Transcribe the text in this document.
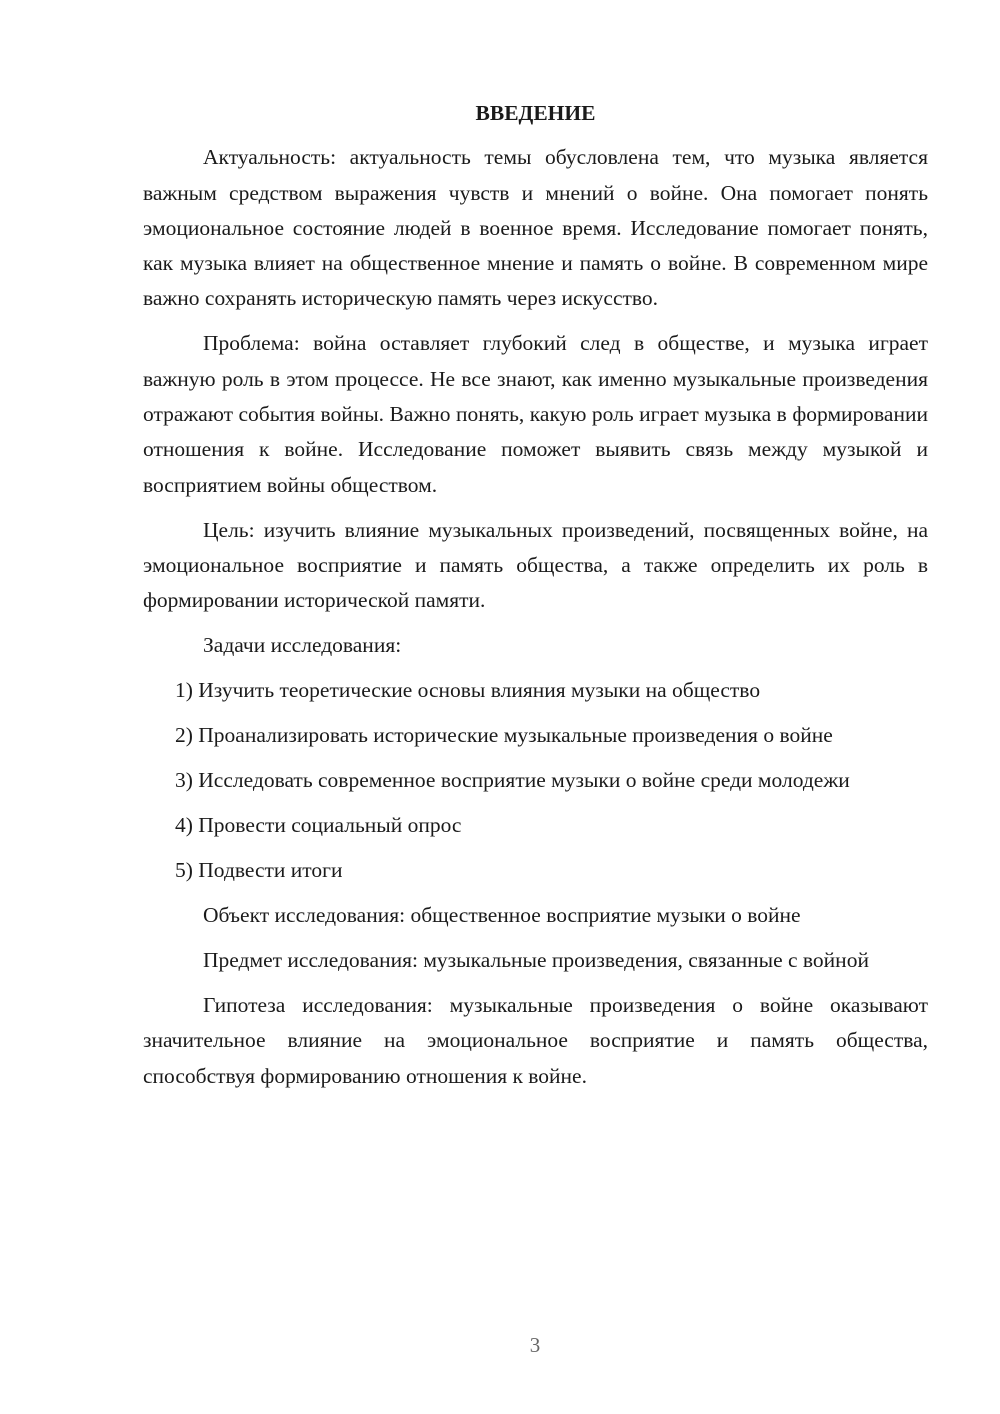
ВВЕДЕНИЕ

Актуальность: актуальность темы обусловлена тем, что музыка является важным средством выражения чувств и мнений о войне. Она помогает понять эмоциональное состояние людей в военное время. Исследование помогает понять, как музыка влияет на общественное мнение и память о войне. В современном мире важно сохранять историческую память через искусство.

Проблема: война оставляет глубокий след в обществе, и музыка играет важную роль в этом процессе. Не все знают, как именно музыкальные произведения отражают события войны. Важно понять, какую роль играет музыка в формировании отношения к войне. Исследование поможет выявить связь между музыкой и восприятием войны обществом.

Цель: изучить влияние музыкальных произведений, посвященных войне, на эмоциональное восприятие и память общества, а также определить их роль в формировании исторической памяти.

Задачи исследования:

1) Изучить теоретические основы влияния музыки на общество

2) Проанализировать исторические музыкальные произведения о войне

3) Исследовать современное восприятие музыки о войне среди молодежи

4) Провести социальный опрос

5) Подвести итоги

Объект исследования: общественное восприятие музыки о войне

Предмет исследования: музыкальные произведения, связанные с войной

Гипотеза исследования: музыкальные произведения о войне оказывают значительное влияние на эмоциональное восприятие и память общества, способствуя формированию отношения к войне.

3
